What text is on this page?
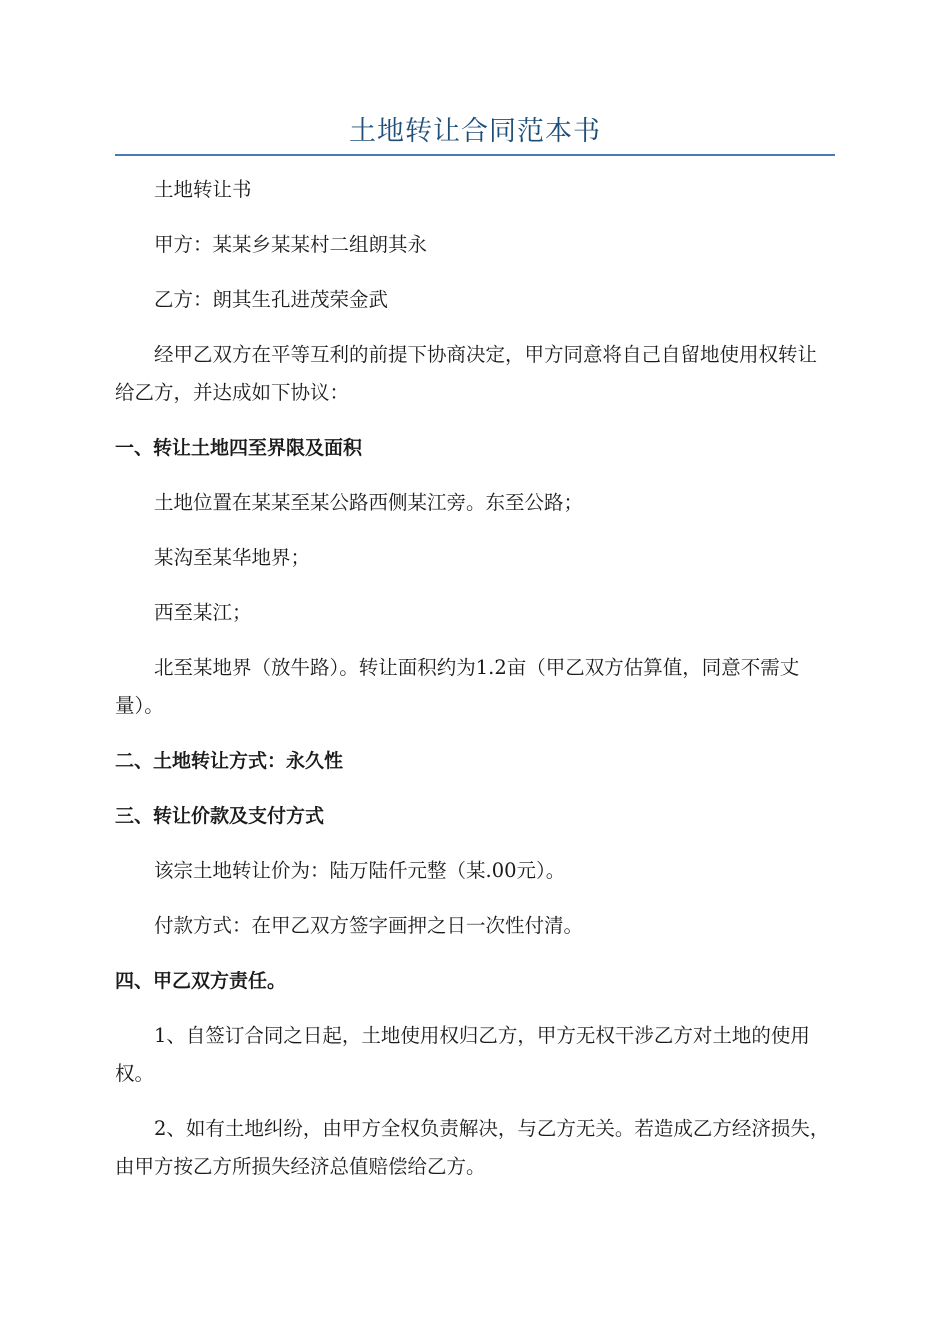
土地转让合同范本书

土地转让书

甲方：某某乡某某村二组朗其永

乙方：朗其生孔进茂荣金武

经甲乙双方在平等互利的前提下协商决定，甲方同意将自己自留地使用权转让给乙方，并达成如下协议：

一、转让土地四至界限及面积

土地位置在某某至某公路西侧某江旁。东至公路；

某沟至某华地界；

西至某江；

北至某地界（放牛路）。转让面积约为1.2亩（甲乙双方估算值，同意不需丈量）。

二、土地转让方式：永久性

三、转让价款及支付方式

该宗土地转让价为：陆万陆仟元整（某.00元）。

付款方式：在甲乙双方签字画押之日一次性付清。

四、甲乙双方责任。

1、自签订合同之日起，土地使用权归乙方，甲方无权干涉乙方对土地的使用权。

2、如有土地纠纷，由甲方全权负责解决，与乙方无关。若造成乙方经济损失，由甲方按乙方所损失经济总值赔偿给乙方。
